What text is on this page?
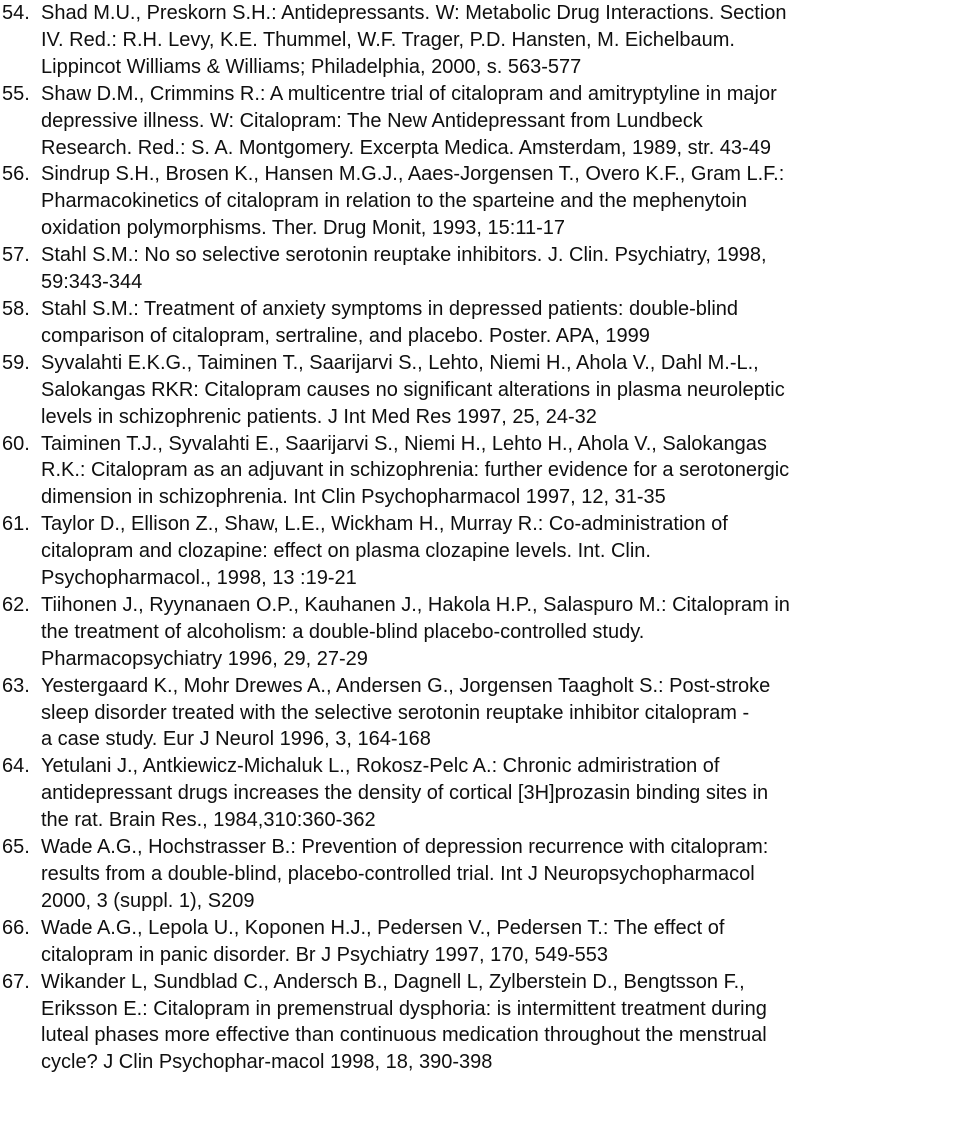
54. Shad M.U., Preskorn S.H.: Antidepressants. W: Metabolic Drug Interactions. Section
IV. Red.: R.H. Levy, K.E. Thummel, W.F. Trager, P.D. Hansten, M. Eichelbaum.
Lippincot Williams & Williams; Philadelphia, 2000, s. 563-577
55. Shaw D.M., Crimmins R.: A multicentre trial of citalopram and amitryptyline in major
depressive illness. W: Citalopram: The New Antidepressant from Lundbeck
Research. Red.: S. A. Montgomery. Excerpta Medica. Amsterdam, 1989, str. 43-49
56. Sindrup S.H., Brosen K., Hansen M.G.J., Aaes-Jorgensen T., Overo K.F., Gram L.F.:
Pharmacokinetics of citalopram in relation to the sparteine and the mephenytoin
oxidation polymorphisms. Ther. Drug Monit, 1993, 15:11-17
57. Stahl S.M.: No so selective serotonin reuptake inhibitors. J. Clin. Psychiatry, 1998,
59:343-344
58. Stahl S.M.: Treatment of anxiety symptoms in depressed patients: double-blind
comparison of citalopram, sertraline, and placebo. Poster. APA, 1999
59. Syvalahti E.K.G., Taiminen T., Saarijarvi S., Lehto, Niemi H., Ahola V., Dahl M.-L.,
Salokangas RKR: Citalopram causes no significant alterations in plasma neuroleptic
levels in schizophrenic patients. J Int Med Res 1997, 25, 24-32
60. Taiminen T.J., Syvalahti E., Saarijarvi S., Niemi H., Lehto H., Ahola V., Salokangas
R.K.: Citalopram as an adjuvant in schizophrenia: further evidence for a serotonergic
dimension in schizophrenia. Int Clin Psychopharmacol 1997, 12, 31-35
61. Taylor D., Ellison Z., Shaw, L.E., Wickham H., Murray R.: Co-administration of
citalopram and clozapine: effect on plasma clozapine levels. Int. Clin.
Psychopharmacol., 1998, 13 :19-21
62. Tiihonen J., Ryynanaen O.P., Kauhanen J., Hakola H.P., Salaspuro M.: Citalopram in
the treatment of alcoholism: a double-blind placebo-controlled study.
Pharmacopsychiatry 1996, 29, 27-29
63. Yestergaard K., Mohr Drewes A., Andersen G., Jorgensen Taagholt S.: Post-stroke
sleep disorder treated with the selective serotonin reuptake inhibitor citalopram -
a case study. Eur J Neurol 1996, 3, 164-168
64. Yetulani J., Antkiewicz-Michaluk L., Rokosz-Pelc A.: Chronic admiristration of
antidepressant drugs increases the density of cortical [3H]prozasin binding sites in
the rat. Brain Res., 1984,310:360-362
65. Wade A.G., Hochstrasser B.: Prevention of depression recurrence with citalopram:
results from a double-blind, placebo-controlled trial. Int J Neuropsychopharmacol
2000, 3 (suppl. 1), S209
66. Wade A.G., Lepola U., Koponen H.J., Pedersen V., Pedersen T.: The effect of
citalopram in panic disorder. Br J Psychiatry 1997, 170, 549-553
67. Wikander L, Sundblad C., Andersch B., Dagnell L, Zylberstein D., Bengtsson F.,
Eriksson E.: Citalopram in premenstrual dysphoria: is intermittent treatment during
luteal phases more effective than continuous medication throughout the menstrual
cycle? J Clin Psychophar-macol 1998, 18, 390-398
